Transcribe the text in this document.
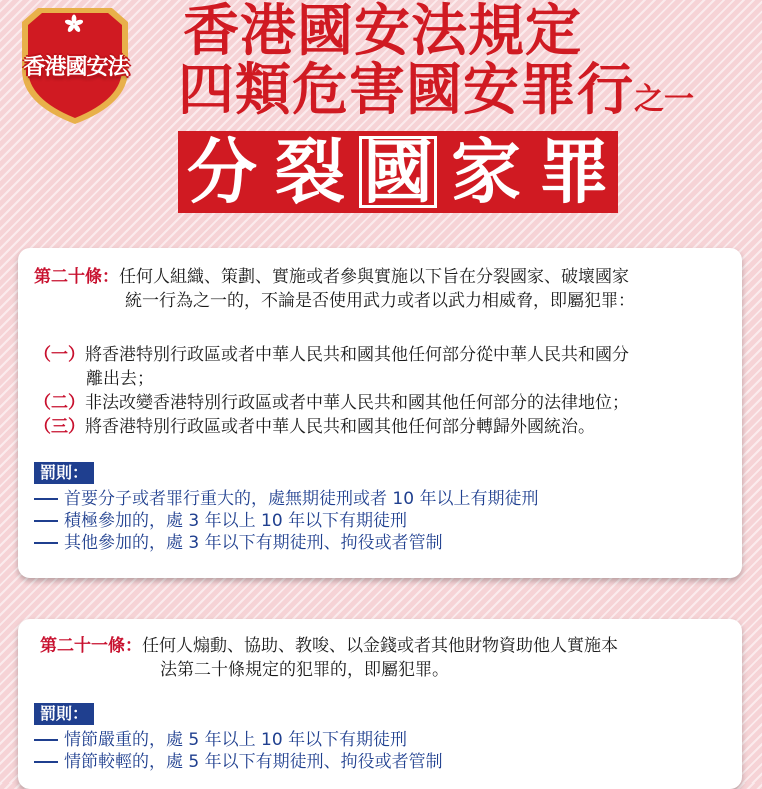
香港國安法
香港國安法規定
四類危害國安罪行之一
分 裂 國 家 罪
第二十條：任何人組織、策劃、實施或者參與實施以下旨在分裂國家、破壞國家
統一行為之一的，不論是否使用武力或者以武力相威脅，即屬犯罪：
（一）將香港特別行政區或者中華人民共和國其他任何部分從中華人民共和國分
離出去；
（二）非法改變香港特別行政區或者中華人民共和國其他任何部分的法律地位；
（三）將香港特別行政區或者中華人民共和國其他任何部分轉歸外國統治。
罰則：
首要分子或者罪行重大的，處無期徒刑或者 10 年以上有期徒刑
積極參加的，處 3 年以上 10 年以下有期徒刑
其他參加的，處 3 年以下有期徒刑、拘役或者管制
第二十一條：任何人煽動、協助、教唆、以金錢或者其他財物資助他人實施本
法第二十條規定的犯罪的，即屬犯罪。
罰則：
情節嚴重的，處 5 年以上 10 年以下有期徒刑
情節較輕的，處 5 年以下有期徒刑、拘役或者管制
